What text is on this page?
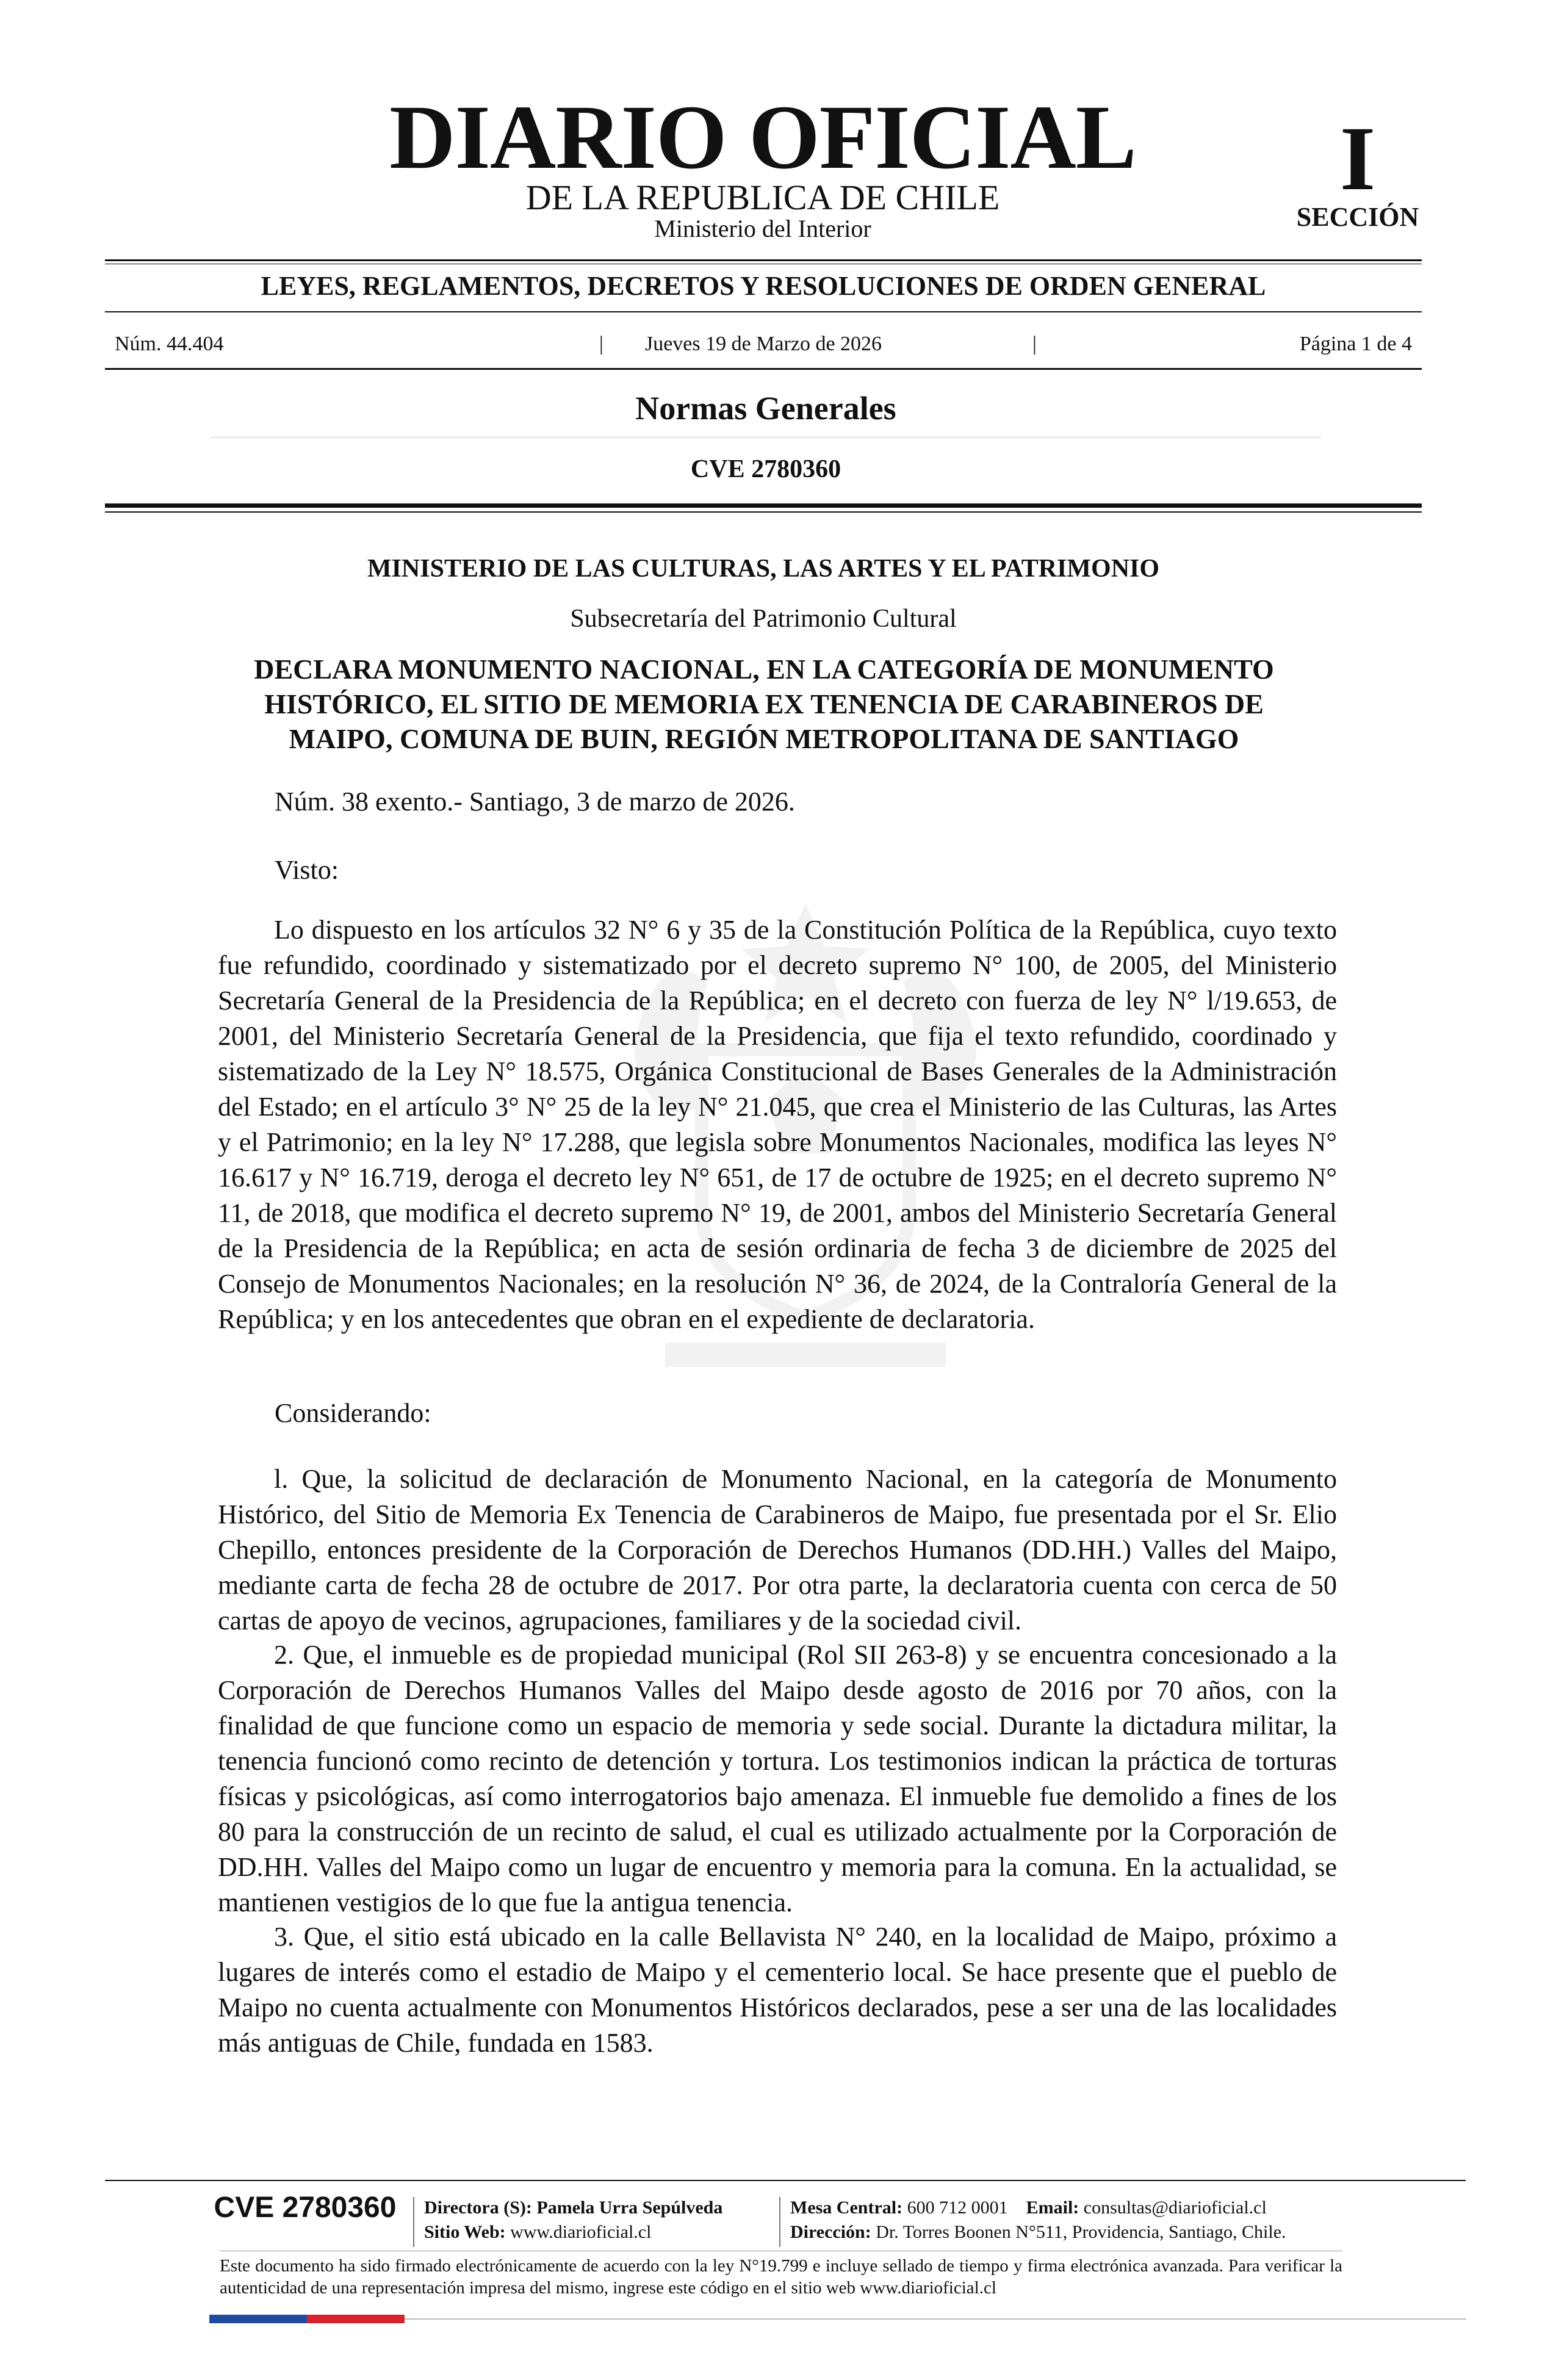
DIARIO OFICIAL
DE LA REPUBLICA DE CHILE
Ministerio del Interior
I
SECCIÓN
LEYES, REGLAMENTOS, DECRETOS Y RESOLUCIONES DE ORDEN GENERAL
Núm. 44.404	|	Jueves 19 de Marzo de 2026	|	Página 1 de 4
Normas Generales
CVE 2780360
MINISTERIO DE LAS CULTURAS, LAS ARTES Y EL PATRIMONIO
Subsecretaría del Patrimonio Cultural
DECLARA MONUMENTO NACIONAL, EN LA CATEGORÍA DE MONUMENTO
HISTÓRICO, EL SITIO DE MEMORIA EX TENENCIA DE CARABINEROS DE
MAIPO, COMUNA DE BUIN, REGIÓN METROPOLITANA DE SANTIAGO
Núm. 38 exento.- Santiago, 3 de marzo de 2026.
Visto:

Lo dispuesto en los artículos 32 N° 6 y 35 de la Constitución Política de la República, cuyo texto fue refundido, coordinado y sistematizado por el decreto supremo N° 100, de 2005, del Ministerio Secretaría General de la Presidencia de la República; en el decreto con fuerza de ley N° l/19.653, de 2001, del Ministerio Secretaría General de la Presidencia, que fija el texto refundido, coordinado y sistematizado de la Ley N° 18.575, Orgánica Constitucional de Bases Generales de la Administración del Estado; en el artículo 3° N° 25 de la ley N° 21.045, que crea el Ministerio de las Culturas, las Artes y el Patrimonio; en la ley N° 17.288, que legisla sobre Monumentos Nacionales, modifica las leyes N° 16.617 y N° 16.719, deroga el decreto ley N° 651, de 17 de octubre de 1925; en el decreto supremo N° 11, de 2018, que modifica el decreto supremo N° 19, de 2001, ambos del Ministerio Secretaría General de la Presidencia de la República; en acta de sesión ordinaria de fecha 3 de diciembre de 2025 del Consejo de Monumentos Nacionales; en la resolución N° 36, de 2024, de la Contraloría General de la República; y en los antecedentes que obran en el expediente de declaratoria.

Considerando:

l. Que, la solicitud de declaración de Monumento Nacional, en la categoría de Monumento Histórico, del Sitio de Memoria Ex Tenencia de Carabineros de Maipo, fue presentada por el Sr. Elio Chepillo, entonces presidente de la Corporación de Derechos Humanos (DD.HH.) Valles del Maipo, mediante carta de fecha 28 de octubre de 2017. Por otra parte, la declaratoria cuenta con cerca de 50 cartas de apoyo de vecinos, agrupaciones, familiares y de la sociedad civil.

2. Que, el inmueble es de propiedad municipal (Rol SII 263-8) y se encuentra concesionado a la Corporación de Derechos Humanos Valles del Maipo desde agosto de 2016 por 70 años, con la finalidad de que funcione como un espacio de memoria y sede social. Durante la dictadura militar, la tenencia funcionó como recinto de detención y tortura. Los testimonios indican la práctica de torturas físicas y psicológicas, así como interrogatorios bajo amenaza. El inmueble fue demolido a fines de los 80 para la construcción de un recinto de salud, el cual es utilizado actualmente por la Corporación de DD.HH. Valles del Maipo como un lugar de encuentro y memoria para la comuna. En la actualidad, se mantienen vestigios de lo que fue la antigua tenencia.

3. Que, el sitio está ubicado en la calle Bellavista N° 240, en la localidad de Maipo, próximo a lugares de interés como el estadio de Maipo y el cementerio local. Se hace presente que el pueblo de Maipo no cuenta actualmente con Monumentos Históricos declarados, pese a ser una de las localidades más antiguas de Chile, fundada en 1583.

CVE 2780360	Directora (S): Pamela Urra Sepúlveda
Sitio Web: www.diarioficial.cl
Mesa Central: 600 712 0001 Email: consultas@diarioficial.cl
Dirección: Dr. Torres Boonen N°511, Providencia, Santiago, Chile.

Este documento ha sido firmado electrónicamente de acuerdo con la ley N°19.799 e incluye sellado de tiempo y firma electrónica avanzada. Para verificar la autenticidad de una representación impresa del mismo, ingrese este código en el sitio web www.diarioficial.cl
